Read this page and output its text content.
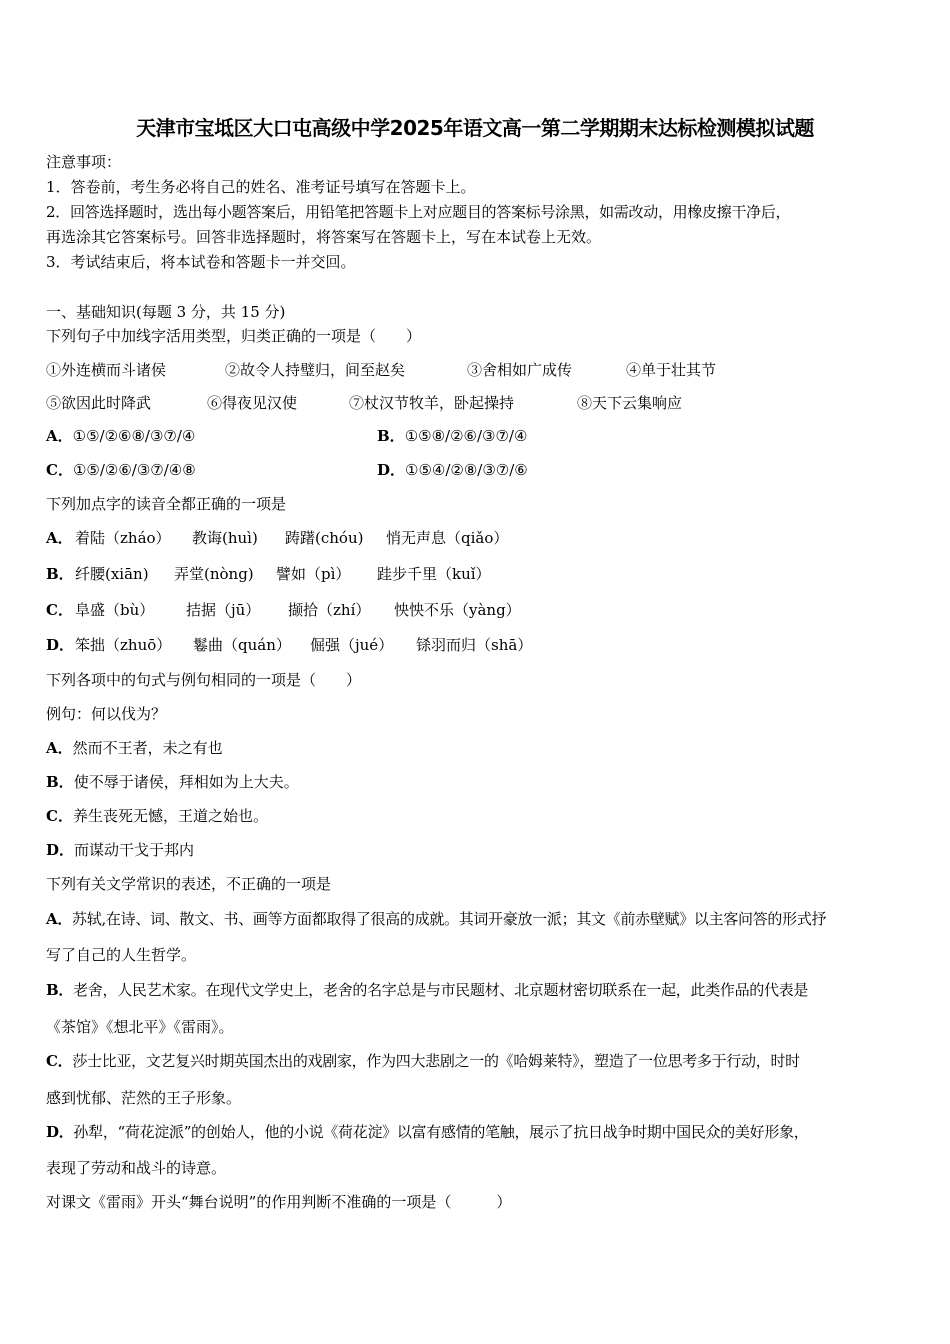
天津市宝坻区大口屯高级中学2025年语文高一第二学期期末达标检测模拟试题
注意事项：
1．答卷前，考生务必将自己的姓名、准考证号填写在答题卡上。
2．回答选择题时，选出每小题答案后，用铅笔把答题卡上对应题目的答案标号涂黑，如需改动，用橡皮擦干净后，
再选涂其它答案标号。回答非选择题时，将答案写在答题卡上，写在本试卷上无效。
3．考试结束后，将本试卷和答题卡一并交回。
一、基础知识(每题 3 分，共 15 分)
下列句子中加线字活用类型，归类正确的一项是（　　）
①外连横而斗诸侯	②故令人持璧归，间至赵矣	③舍相如广成传	④单于壮其节
⑤欲因此时降武	⑥得夜见汉使	⑦杖汉节牧羊，卧起操持	⑧天下云集响应
A．①⑤/②⑥⑧/③⑦/④	B．①⑤⑧/②⑥/③⑦/④
C．①⑤/②⑥/③⑦/④⑧	D．①⑤④/②⑧/③⑦/⑥
下列加点字的读音全都正确的一项是
A． 着陆（zháo） 教诲(huì) 踌躇(chóu) 悄无声息（qiǎo）
B． 纤腰(xiān) 弄堂(nòng) 譬如（pì） 跬步千里（kuǐ）
C． 阜盛（bù） 拮据（jū） 撷拾（zhí） 怏怏不乐（yàng）
D． 笨拙（zhuō） 鬈曲（quán） 倔强（jué） 铩羽而归（shā）
下列各项中的句式与例句相同的一项是（　　）
例句：何以伐为？
A．然而不王者，未之有也
B．使不辱于诸侯，拜相如为上大夫。
C．养生丧死无憾，王道之始也。
D．而谋动干戈于邦内
下列有关文学常识的表述，不正确的一项是
A．苏轼,在诗、词、散文、书、画等方面都取得了很高的成就。其词开豪放一派；其文《前赤壁赋》以主客问答的形式抒
写了自己的人生哲学。
B．老舍，人民艺术家。在现代文学史上，老舍的名字总是与市民题材、北京题材密切联系在一起，此类作品的代表是
《茶馆》《想北平》《雷雨》。
C．莎士比亚，文艺复兴时期英国杰出的戏剧家，作为四大悲剧之一的《哈姆莱特》，塑造了一位思考多于行动，时时
感到忧郁、茫然的王子形象。
D．孙犁，“荷花淀派”的创始人，他的小说《荷花淀》以富有感情的笔触，展示了抗日战争时期中国民众的美好形象，
表现了劳动和战斗的诗意。
对课文《雷雨》开头“舞台说明”的作用判断不准确的一项是（　　　）
